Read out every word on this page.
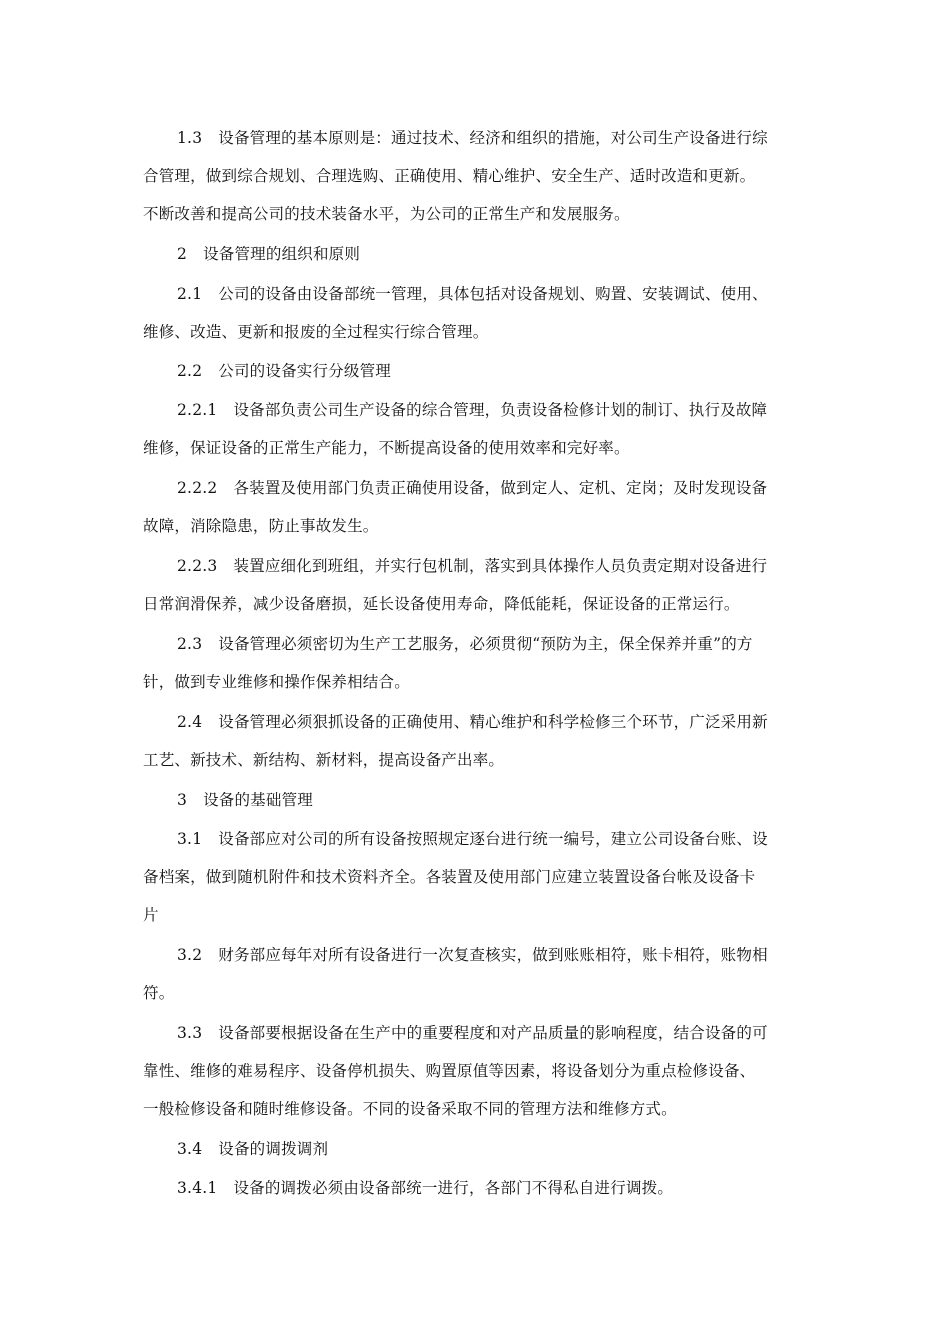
1.3 设备管理的基本原则是：通过技术、经济和组织的措施，对公司生产设备进行综
合管理，做到综合规划、合理选购、正确使用、精心维护、安全生产、适时改造和更新。
不断改善和提高公司的技术装备水平，为公司的正常生产和发展服务。
2 设备管理的组织和原则
2.1 公司的设备由设备部统一管理，具体包括对设备规划、购置、安装调试、使用、
维修、改造、更新和报废的全过程实行综合管理。
2.2 公司的设备实行分级管理
2.2.1 设备部负责公司生产设备的综合管理，负责设备检修计划的制订、执行及故障
维修，保证设备的正常生产能力，不断提高设备的使用效率和完好率。
2.2.2 各装置及使用部门负责正确使用设备，做到定人、定机、定岗；及时发现设备
故障，消除隐患，防止事故发生。
2.2.3 装置应细化到班组，并实行包机制，落实到具体操作人员负责定期对设备进行
日常润滑保养，减少设备磨损，延长设备使用寿命，降低能耗，保证设备的正常运行。
2.3 设备管理必须密切为生产工艺服务，必须贯彻“预防为主，保全保养并重”的方
针，做到专业维修和操作保养相结合。
2.4 设备管理必须狠抓设备的正确使用、精心维护和科学检修三个环节，广泛采用新
工艺、新技术、新结构、新材料，提高设备产出率。
3 设备的基础管理
3.1 设备部应对公司的所有设备按照规定逐台进行统一编号，建立公司设备台账、设
备档案，做到随机附件和技术资料齐全。各装置及使用部门应建立装置设备台帐及设备卡
片
3.2 财务部应每年对所有设备进行一次复查核实，做到账账相符，账卡相符，账物相
符。
3.3 设备部要根据设备在生产中的重要程度和对产品质量的影响程度，结合设备的可
靠性、维修的难易程序、设备停机损失、购置原值等因素，将设备划分为重点检修设备、
一般检修设备和随时维修设备。不同的设备采取不同的管理方法和维修方式。
3.4 设备的调拨调剂
3.4.1 设备的调拨必须由设备部统一进行，各部门不得私自进行调拨。
